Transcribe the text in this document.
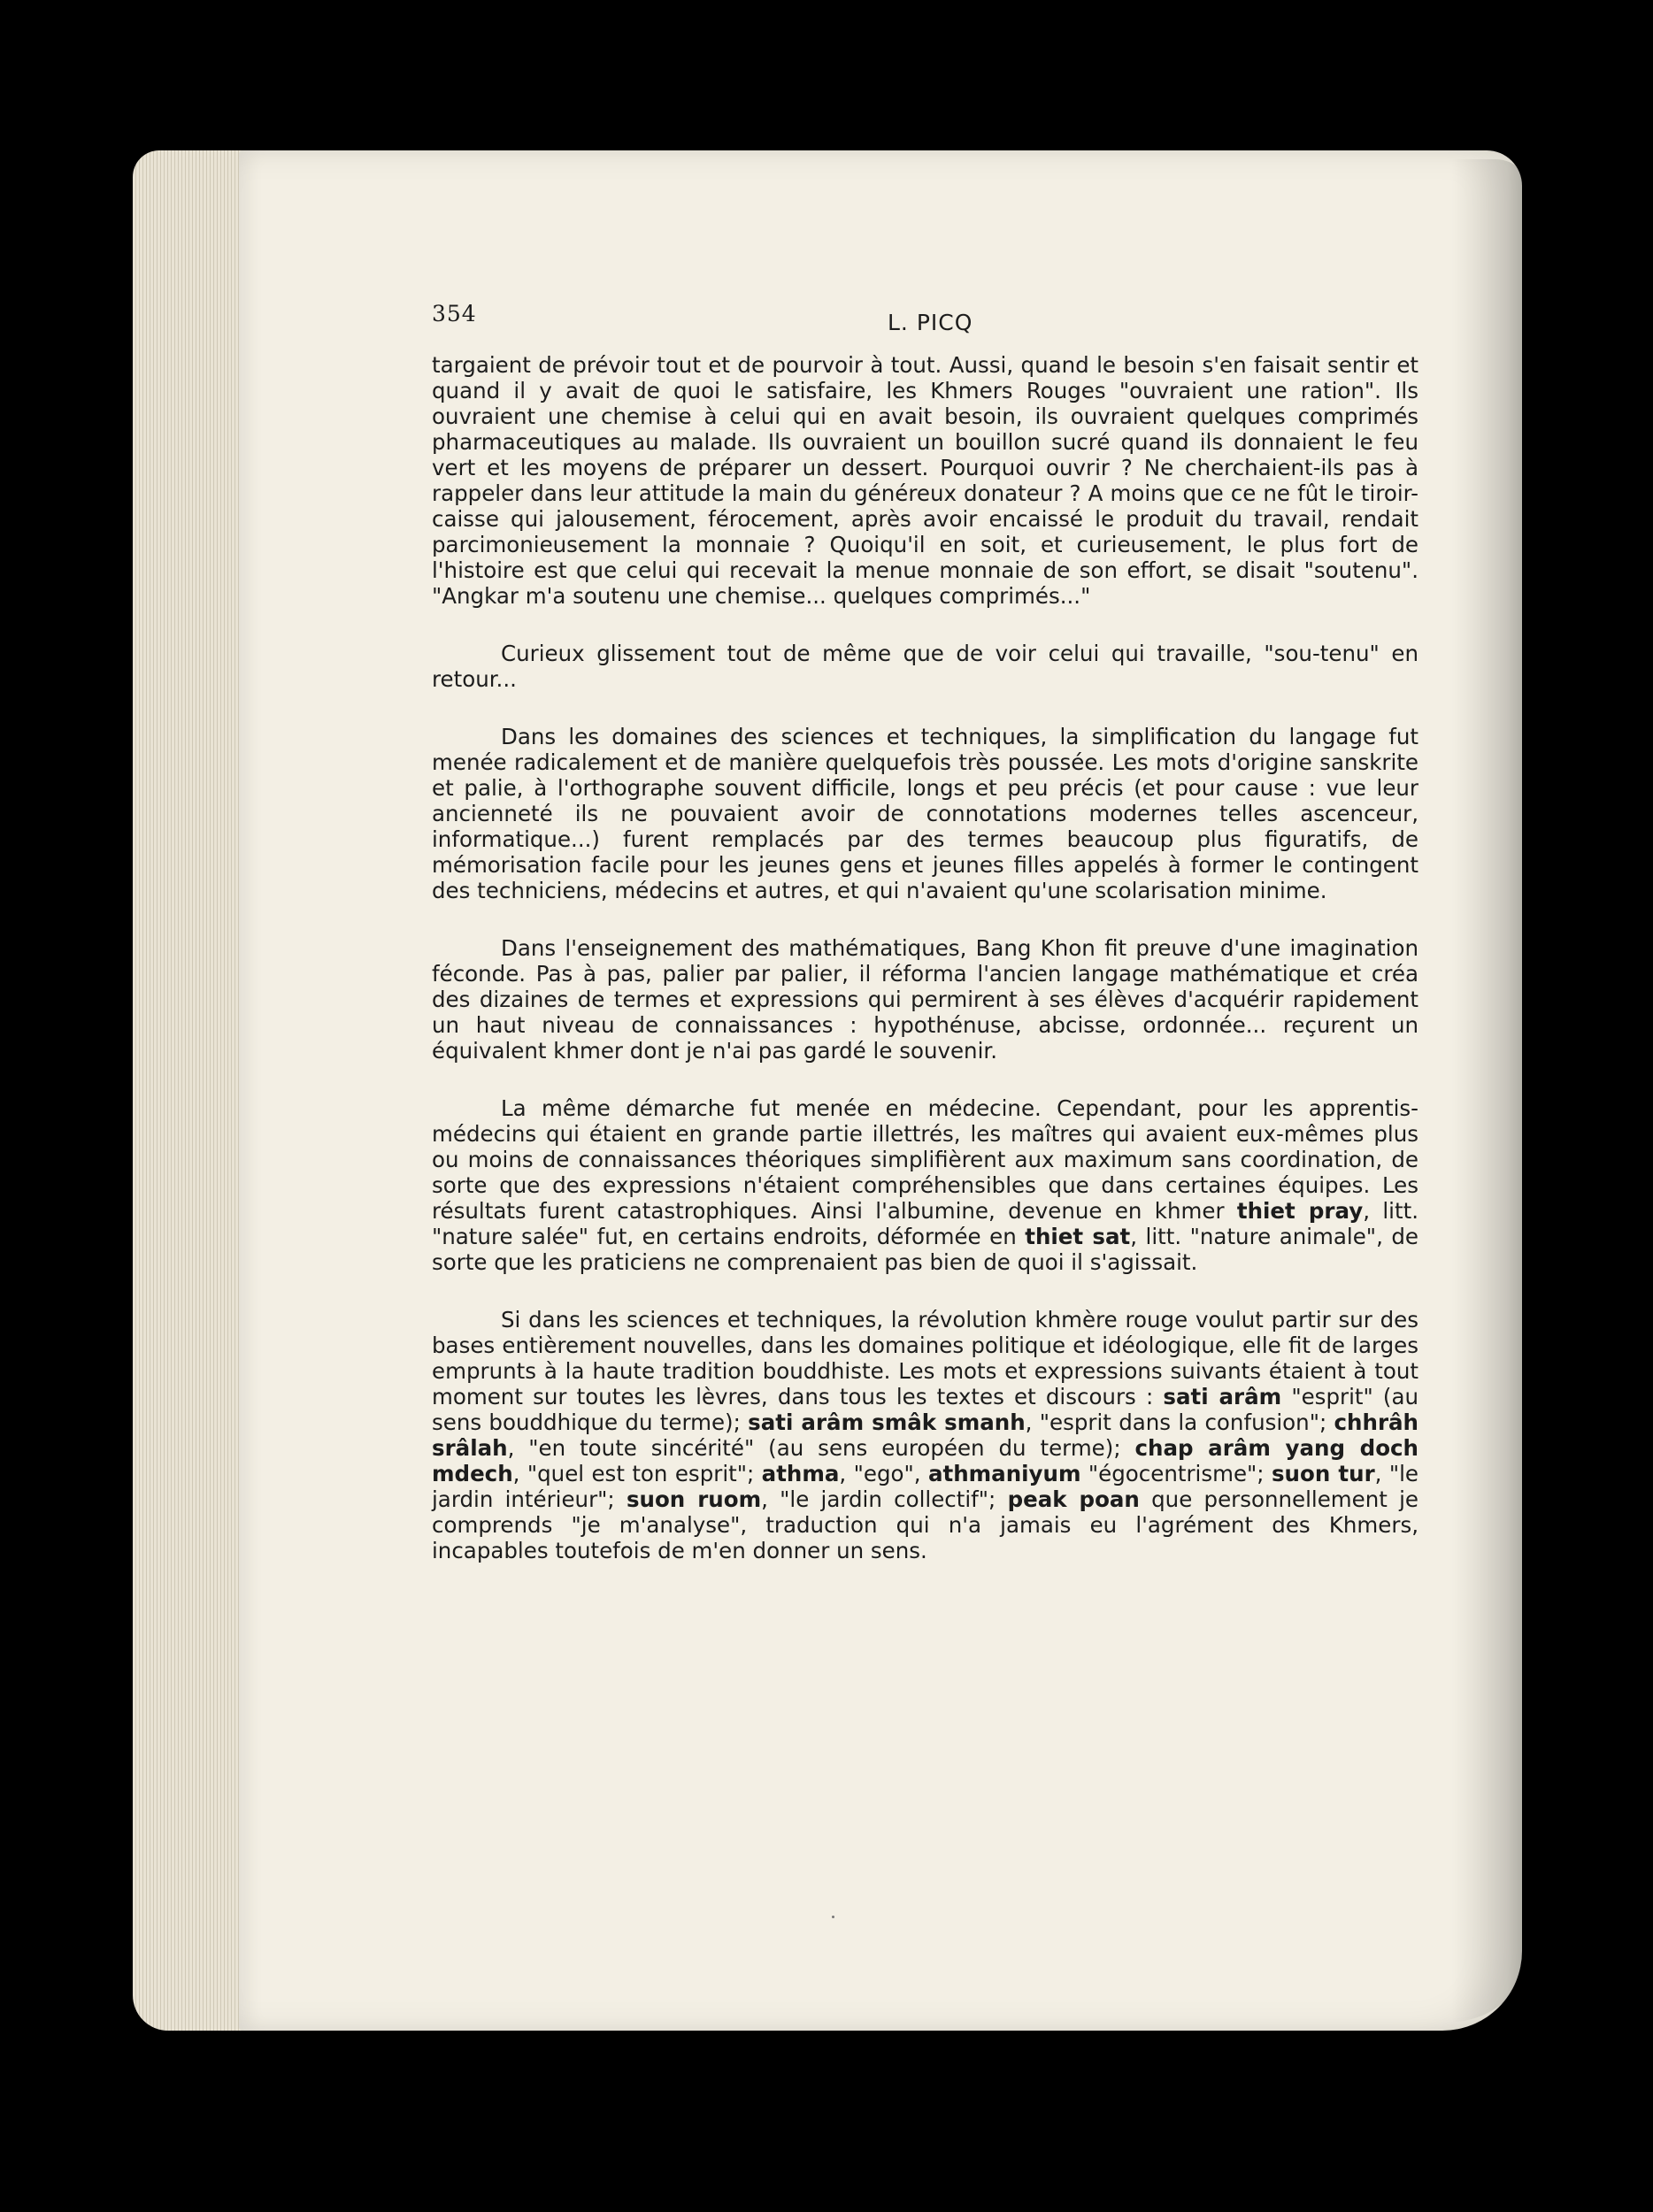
354	L. PICQ

targaient de prévoir tout et de pourvoir à tout. Aussi, quand le besoin s'en faisait sentir et quand il y avait de quoi le satisfaire, les Khmers Rouges "ouvraient une ration". Ils ouvraient une chemise à celui qui en avait besoin, ils ouvraient quelques comprimés pharmaceutiques au malade. Ils ouvraient un bouillon sucré quand ils donnaient le feu vert et les moyens de préparer un dessert. Pourquoi ouvrir ? Ne cherchaient-ils pas à rappeler dans leur attitude la main du généreux donateur ? A moins que ce ne fût le tiroir-caisse qui jalousement, férocement, après avoir encaissé le produit du travail, rendait parcimonieusement la monnaie ? Quoiqu'il en soit, et curieusement, le plus fort de l'histoire est que celui qui recevait la menue monnaie de son effort, se disait "soutenu". "Angkar m'a soutenu une chemise... quelques comprimés..."

Curieux glissement tout de même que de voir celui qui travaille, "sou-tenu" en retour...

Dans les domaines des sciences et techniques, la simplification du langage fut menée radicalement et de manière quelquefois très poussée. Les mots d'origine sanskrite et palie, à l'orthographe souvent difficile, longs et peu précis (et pour cause : vue leur ancienneté ils ne pouvaient avoir de connotations modernes telles ascenceur, informatique...) furent remplacés par des termes beaucoup plus figuratifs, de mémorisation facile pour les jeunes gens et jeunes filles appelés à former le contingent des techniciens, médecins et autres, et qui n'avaient qu'une scolarisation minime.

Dans l'enseignement des mathématiques, Bang Khon fit preuve d'une imagination féconde. Pas à pas, palier par palier, il réforma l'ancien langage mathématique et créa des dizaines de termes et expressions qui permirent à ses élèves d'acquérir rapidement un haut niveau de connaissances : hypothénuse, abcisse, ordonnée... reçurent un équivalent khmer dont je n'ai pas gardé le souvenir.

La même démarche fut menée en médecine. Cependant, pour les apprentis-médecins qui étaient en grande partie illettrés, les maîtres qui avaient eux-mêmes plus ou moins de connaissances théoriques simplifièrent aux maximum sans coordination, de sorte que des expressions n'étaient compréhensibles que dans certaines équipes. Les résultats furent catastrophiques. Ainsi l'albumine, devenue en khmer thiet pray, litt. "nature salée" fut, en certains endroits, déformée en thiet sat, litt. "nature animale", de sorte que les praticiens ne comprenaient pas bien de quoi il s'agissait.

Si dans les sciences et techniques, la révolution khmère rouge voulut partir sur des bases entièrement nouvelles, dans les domaines politique et idéologique, elle fit de larges emprunts à la haute tradition bouddhiste. Les mots et expressions suivants étaient à tout moment sur toutes les lèvres, dans tous les textes et discours : sati arâm "esprit" (au sens bouddhique du terme); sati arâm smâk smanh, "esprit dans la confusion"; chhrâh srâlah, "en toute sincérité" (au sens européen du terme); chap arâm yang doch mdech, "quel est ton esprit"; athma, "ego", athmaniyum "égocentrisme"; suon tur, "le jardin intérieur"; suon ruom, "le jardin collectif"; peak poan que personnellement je comprends "je m'analyse", traduction qui n'a jamais eu l'agrément des Khmers, incapables toutefois de m'en donner un sens.
